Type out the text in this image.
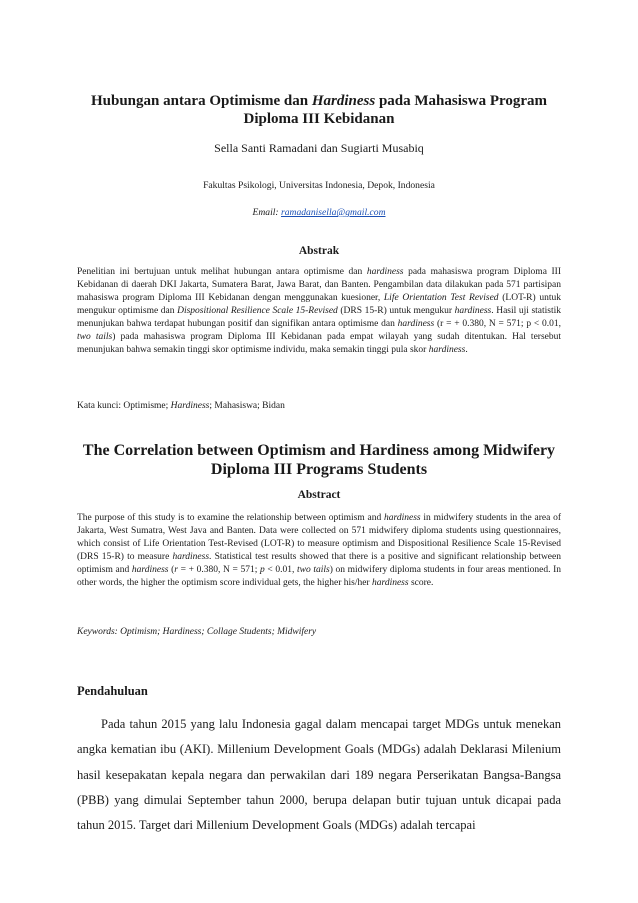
Hubungan antara Optimisme dan Hardiness pada Mahasiswa Program
Diploma III Kebidanan
Sella Santi Ramadani dan Sugiarti Musabiq
Fakultas Psikologi, Universitas Indonesia, Depok, Indonesia
Email: ramadanisella@gmail.com
Abstrak
Penelitian ini bertujuan untuk melihat hubungan antara optimisme dan hardiness pada mahasiswa program Diploma III Kebidanan di daerah DKI Jakarta, Sumatera Barat, Jawa Barat, dan Banten. Pengambilan data dilakukan pada 571 partisipan mahasiswa program Diploma III Kebidanan dengan menggunakan kuesioner, Life Orientation Test Revised (LOT-R) untuk mengukur optimisme dan Dispositional Resilience Scale 15-Revised (DRS 15-R) untuk mengukur hardiness. Hasil uji statistik menunjukan bahwa terdapat hubungan positif dan signifikan antara optimisme dan hardiness (r = + 0.380, N = 571; p < 0.01, two tails) pada mahasiswa program Diploma III Kebidanan pada empat wilayah yang sudah ditentukan. Hal tersebut menunjukan bahwa semakin tinggi skor optimisme individu, maka semakin tinggi pula skor hardiness.
Kata kunci: Optimisme; Hardiness; Mahasiswa; Bidan
The Correlation between Optimism and Hardiness among Midwifery
Diploma III Programs Students
Abstract
The purpose of this study is to examine the relationship between optimism and hardiness in midwifery students in the area of Jakarta, West Sumatra, West Java and Banten. Data were collected on 571 midwifery diploma students using questionnaires, which consist of Life Orientation Test-Revised (LOT-R) to measure optimism and Dispositional Resilience Scale 15-Revised (DRS 15-R) to measure hardiness. Statistical test results showed that there is a positive and significant relationship between optimism and hardiness (r = + 0.380, N = 571; p < 0.01, two tails) on midwifery diploma students in four areas mentioned. In other words, the higher the optimism score individual gets, the higher his/her hardiness score.
Keywords: Optimism; Hardiness; Collage Students; Midwifery
Pendahuluan
Pada tahun 2015 yang lalu Indonesia gagal dalam mencapai target MDGs untuk menekan angka kematian ibu (AKI). Millenium Development Goals (MDGs) adalah Deklarasi Milenium hasil kesepakatan kepala negara dan perwakilan dari 189 negara Perserikatan Bangsa-Bangsa (PBB) yang dimulai September tahun 2000, berupa delapan butir tujuan untuk dicapai pada tahun 2015. Target dari Millenium Development Goals (MDGs) adalah tercapai
